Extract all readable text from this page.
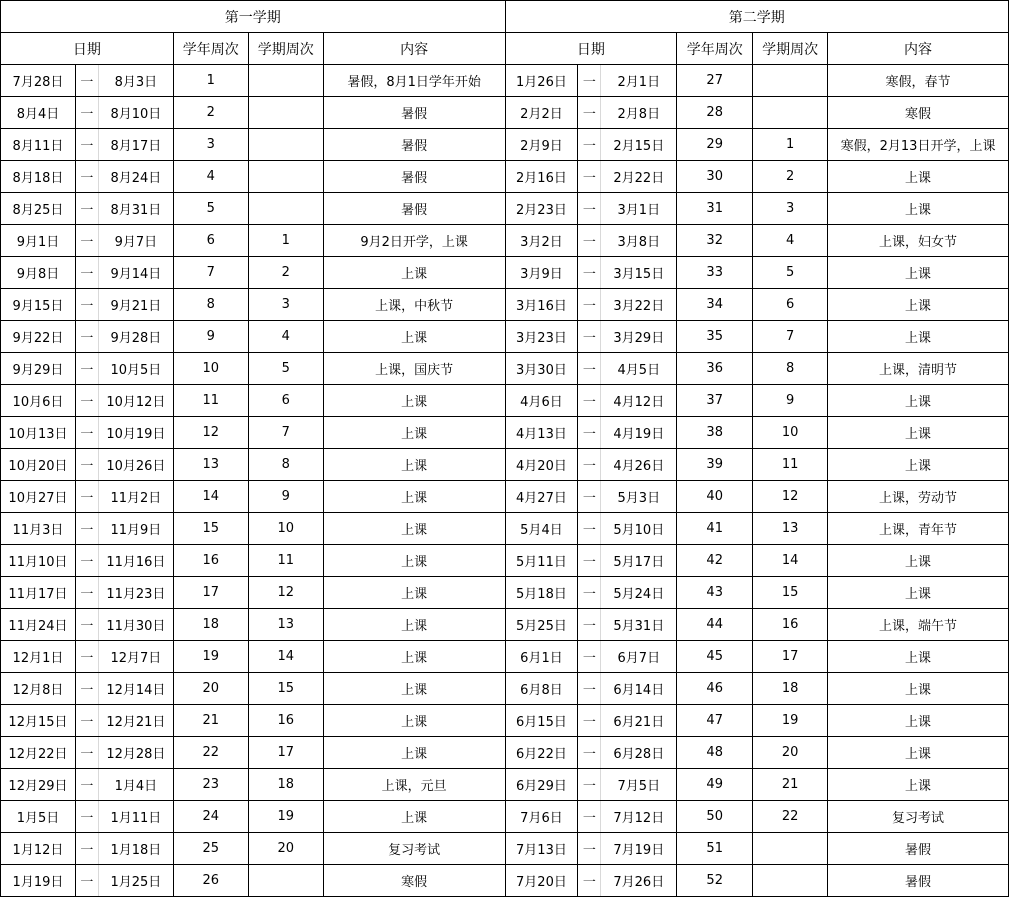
第一学期					
日期			学年周次	学期周次	内容
7月28日	一	8月3日	1		暑假，8月1日学年开始
8月4日	一	8月10日	2		暑假
8月11日	一	8月17日	3		暑假
8月18日	一	8月24日	4		暑假
8月25日	一	8月31日	5		暑假
9月1日	一	9月7日	6	1	9月2日开学，上课
9月8日	一	9月14日	7	2	上课
9月15日	一	9月21日	8	3	上课，中秋节
9月22日	一	9月28日	9	4	上课
9月29日	一	10月5日	10	5	上课，国庆节
10月6日	一	10月12日	11	6	上课
10月13日	一	10月19日	12	7	上课
10月20日	一	10月26日	13	8	上课
10月27日	一	11月2日	14	9	上课
11月3日	一	11月9日	15	10	上课
11月10日	一	11月16日	16	11	上课
11月17日	一	11月23日	17	12	上课
11月24日	一	11月30日	18	13	上课
12月1日	一	12月7日	19	14	上课
12月8日	一	12月14日	20	15	上课
12月15日	一	12月21日	21	16	上课
12月22日	一	12月28日	22	17	上课
12月29日	一	1月4日	23	18	上课，元旦
1月5日	一	1月11日	24	19	上课
1月12日	一	1月18日	25	20	复习考试
1月19日	一	1月25日	26		寒假
第二学期					
日期			学年周次	学期周次	内容
1月26日	一	2月1日	27		寒假，春节
2月2日	一	2月8日	28		寒假
2月9日	一	2月15日	29	1	寒假，2月13日开学，上课
2月16日	一	2月22日	30	2	上课
2月23日	一	3月1日	31	3	上课
3月2日	一	3月8日	32	4	上课，妇女节
3月9日	一	3月15日	33	5	上课
3月16日	一	3月22日	34	6	上课
3月23日	一	3月29日	35	7	上课
3月30日	一	4月5日	36	8	上课，清明节
4月6日	一	4月12日	37	9	上课
4月13日	一	4月19日	38	10	上课
4月20日	一	4月26日	39	11	上课
4月27日	一	5月3日	40	12	上课，劳动节
5月4日	一	5月10日	41	13	上课，青年节
5月11日	一	5月17日	42	14	上课
5月18日	一	5月24日	43	15	上课
5月25日	一	5月31日	44	16	上课，端午节
6月1日	一	6月7日	45	17	上课
6月8日	一	6月14日	46	18	上课
6月15日	一	6月21日	47	19	上课
6月22日	一	6月28日	48	20	上课
6月29日	一	7月5日	49	21	上课
7月6日	一	7月12日	50	22	复习考试
7月13日	一	7月19日	51		暑假
7月20日	一	7月26日	52		暑假
